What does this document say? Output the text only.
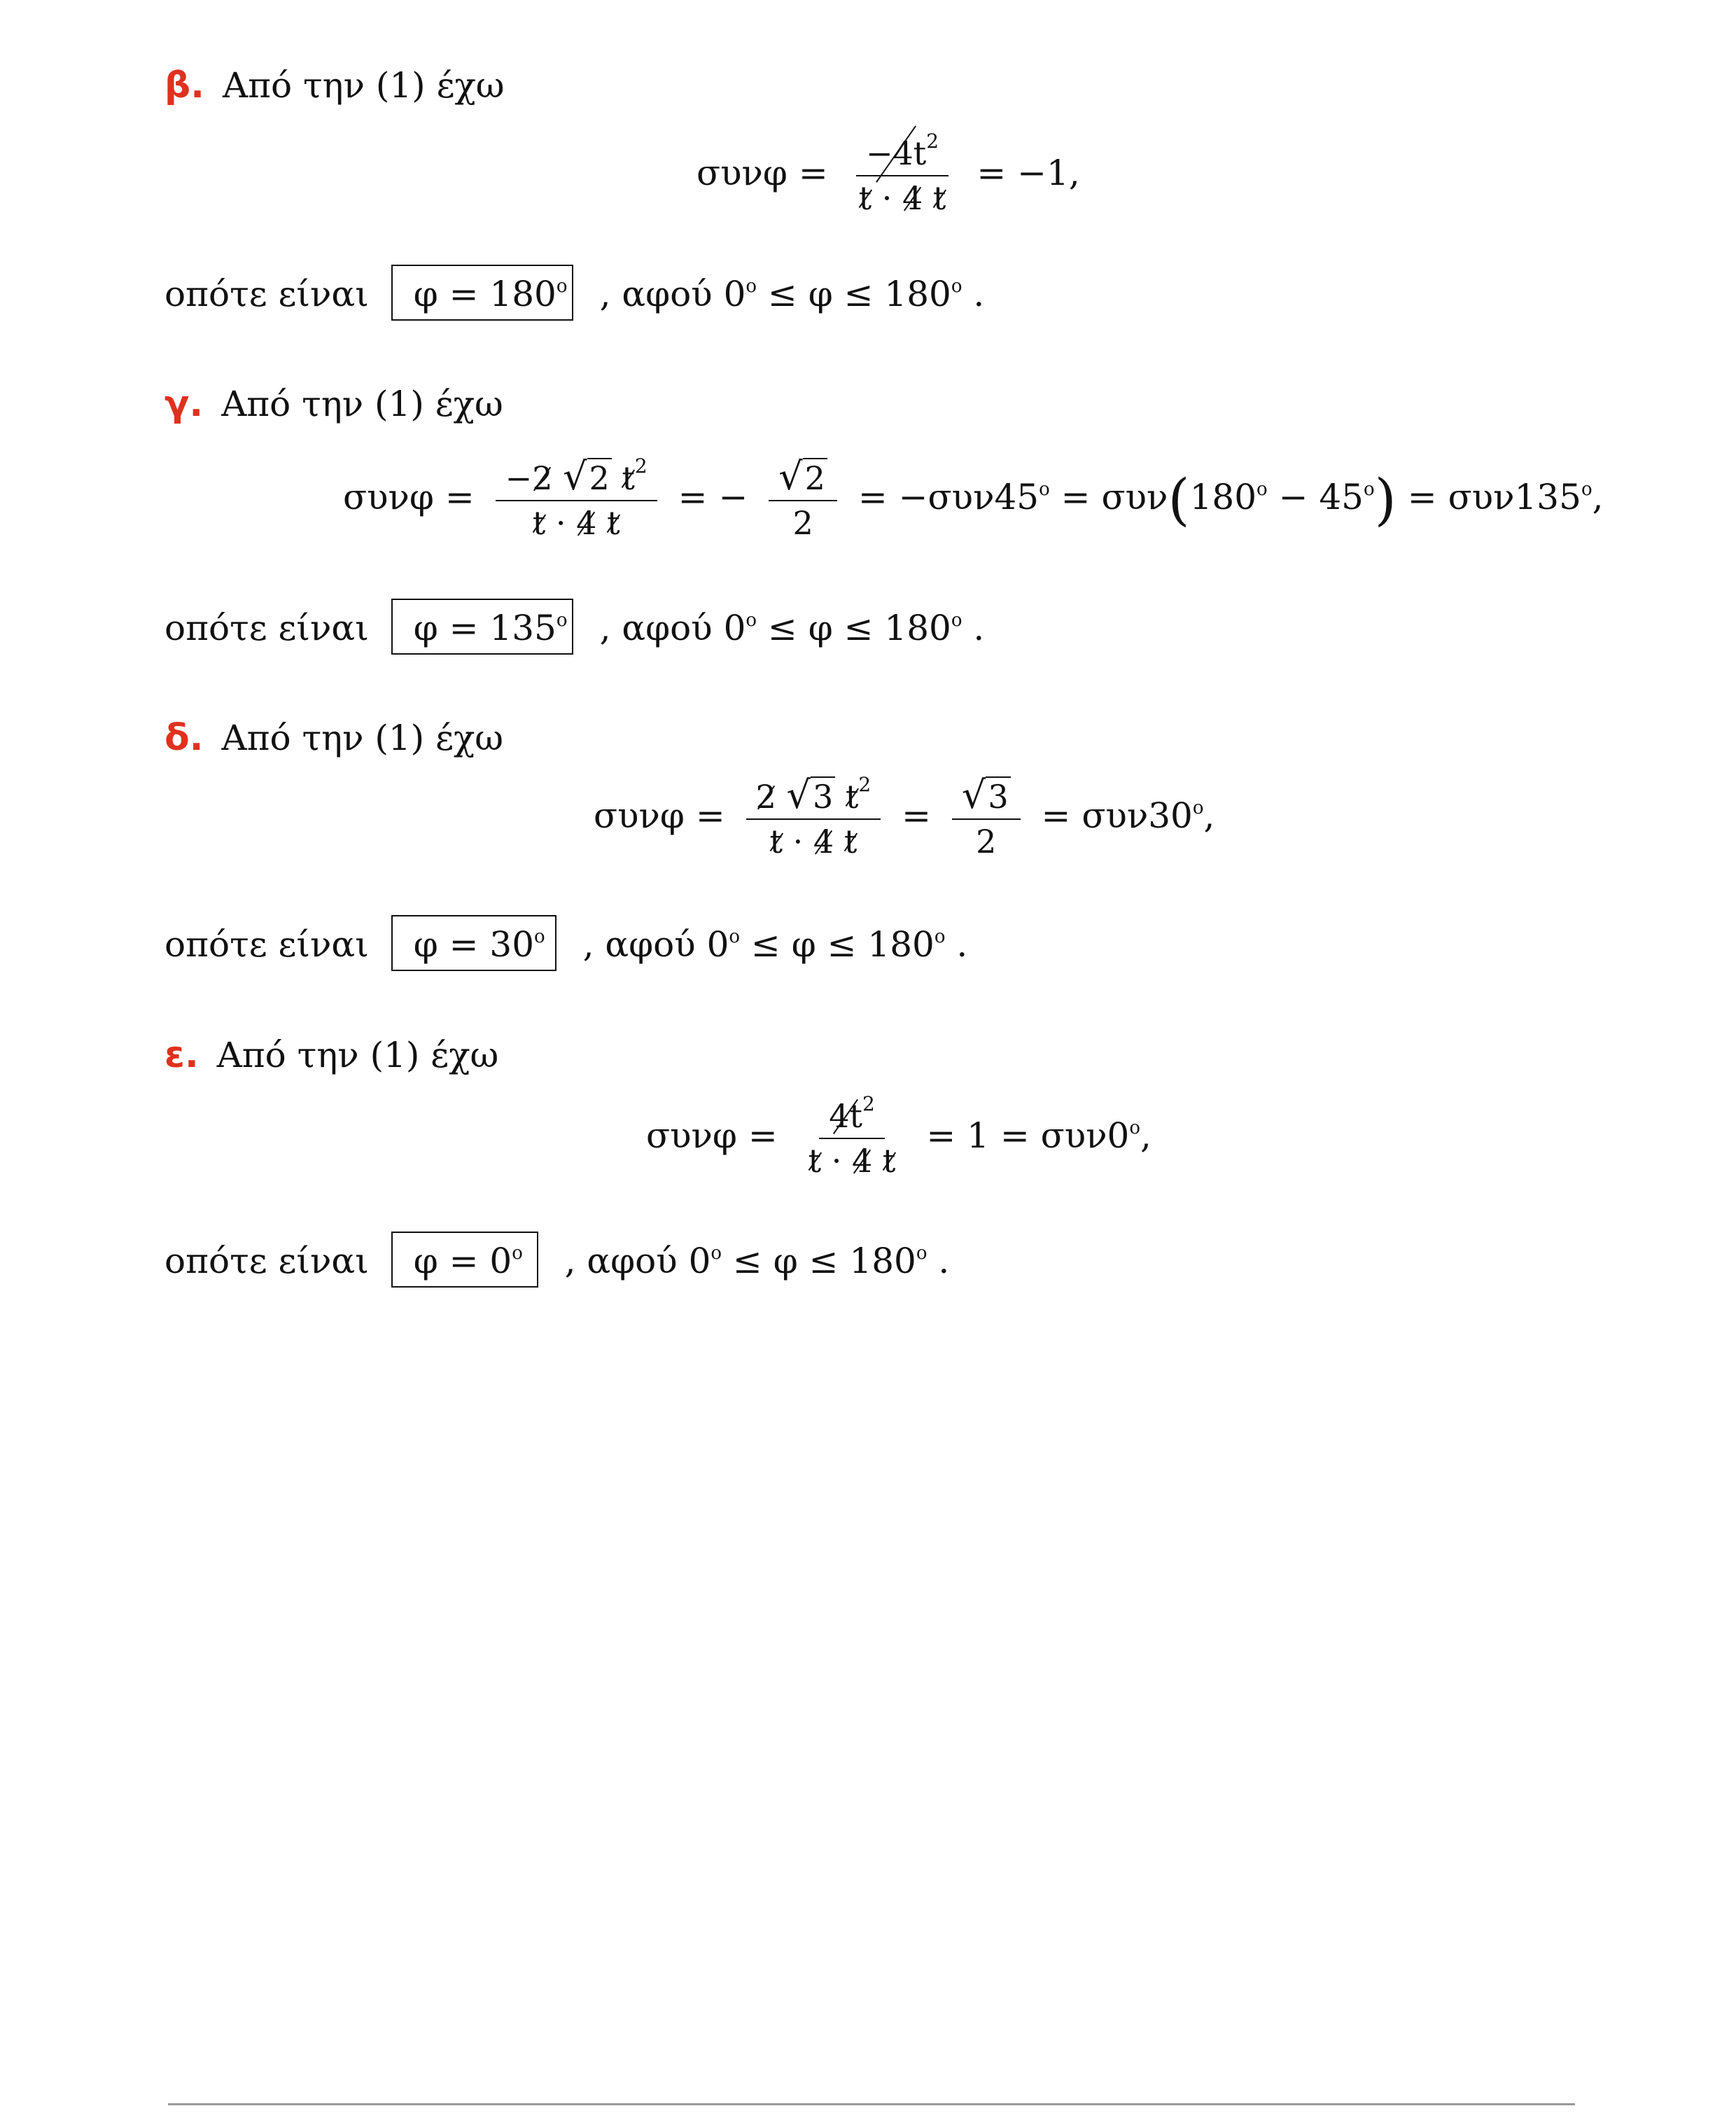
β. Από την (1) έχω
$\sigma\upsilon\nu\varphi = \frac{-4t^2}{t \cdot 4 t} = -1$,
οπότε είναι $\varphi = 180^o$ , αφού $0^o \le \varphi \le 180^o$ .
γ. Από την (1) έχω
$\sigma\upsilon\nu\varphi = \frac{-2 √2 t^2}{t \cdot 4 t}$ = − $\frac{√2}{2} = -\sigma\upsilon\nu 45^o = \sigma\upsilon\nu(180^o - 45^o) = \sigma\upsilon\nu 135^o$,
οπότε είναι $\varphi = 135^o$ , αφού $0^o \le \varphi \le 180^o$ .
δ. Από την (1) έχω
$\sigma\upsilon\nu\varphi = \frac{2 √3 t^2}{t \cdot 4 t} = \frac{√3}{2} = \sigma\upsilon\nu 30^o$,
οπότε είναι $\varphi = 30^o$ , αφού $0^o \le \varphi \le 180^o$ .
ε. Από την (1) έχω
$\sigma\upsilon\nu\varphi = \frac{4t^2}{t \cdot 4 t} = 1 = \sigma\upsilon\nu 0^o$,
οπότε είναι $\varphi = 0^o$ , αφού $0^o \le \varphi \le 180^o$ .
